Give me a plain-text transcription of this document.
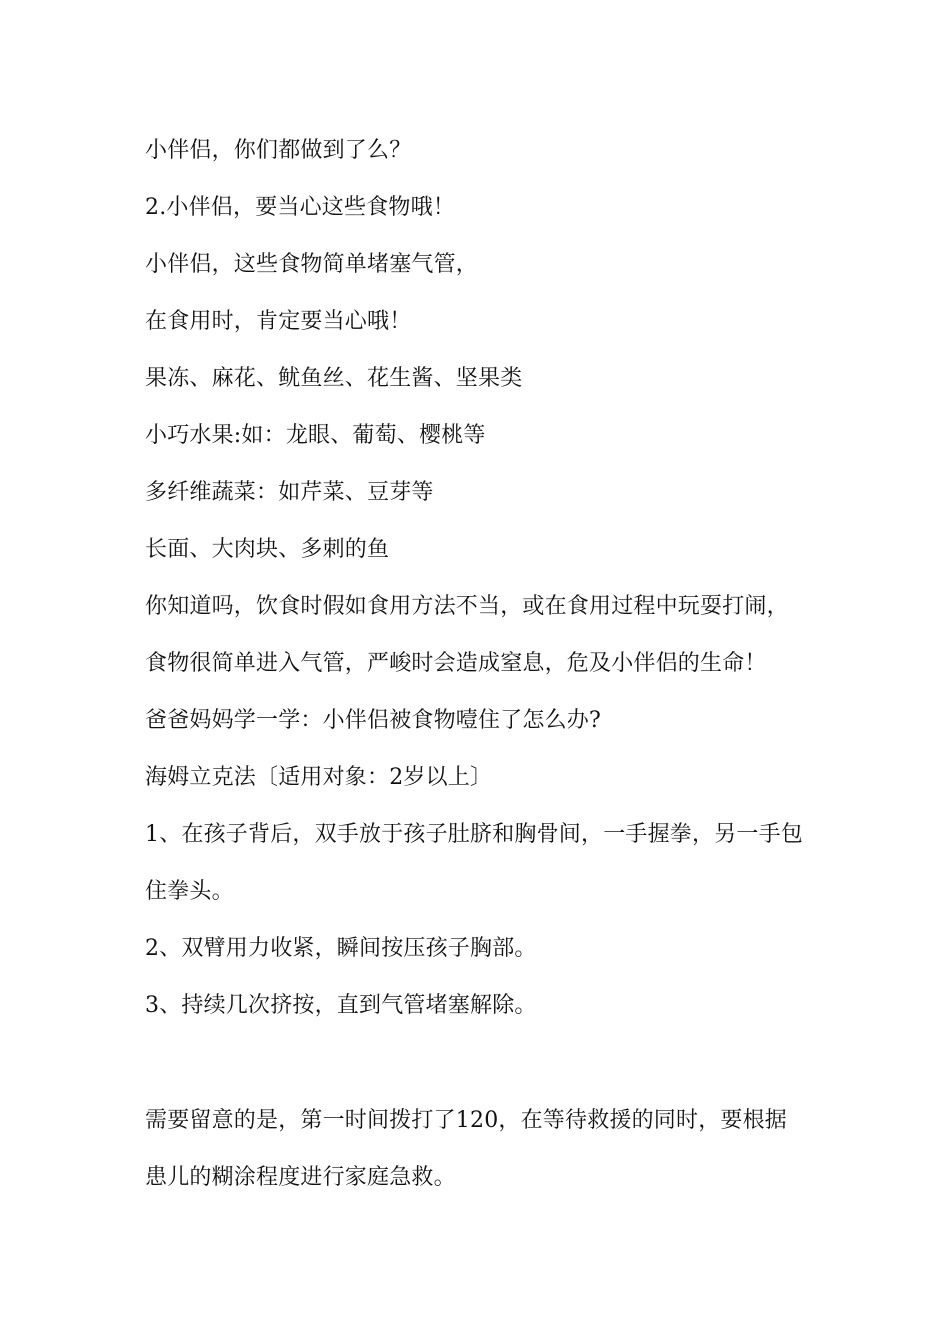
小伴侣，你们都做到了么？
2.小伴侣，要当心这些食物哦！
小伴侣，这些食物简单堵塞气管，
在食用时，肯定要当心哦！
果冻、麻花、鱿鱼丝、花生酱、坚果类
小巧水果:如：龙眼、葡萄、樱桃等
多纤维蔬菜：如芹菜、豆芽等
长面、大肉块、多刺的鱼
你知道吗，饮食时假如食用方法不当，或在食用过程中玩耍打闹，
食物很简单进入气管，严峻时会造成窒息，危及小伴侣的生命！
爸爸妈妈学一学：小伴侣被食物噎住了怎么办?
海姆立克法〔适用对象：2岁以上〕
1、在孩子背后，双手放于孩子肚脐和胸骨间，一手握拳，另一手包
住拳头。
2、双臂用力收紧，瞬间按压孩子胸部。
3、持续几次挤按，直到气管堵塞解除。
需要留意的是，第一时间拨打了120，在等待救援的同时，要根据
患儿的糊涂程度进行家庭急救。
